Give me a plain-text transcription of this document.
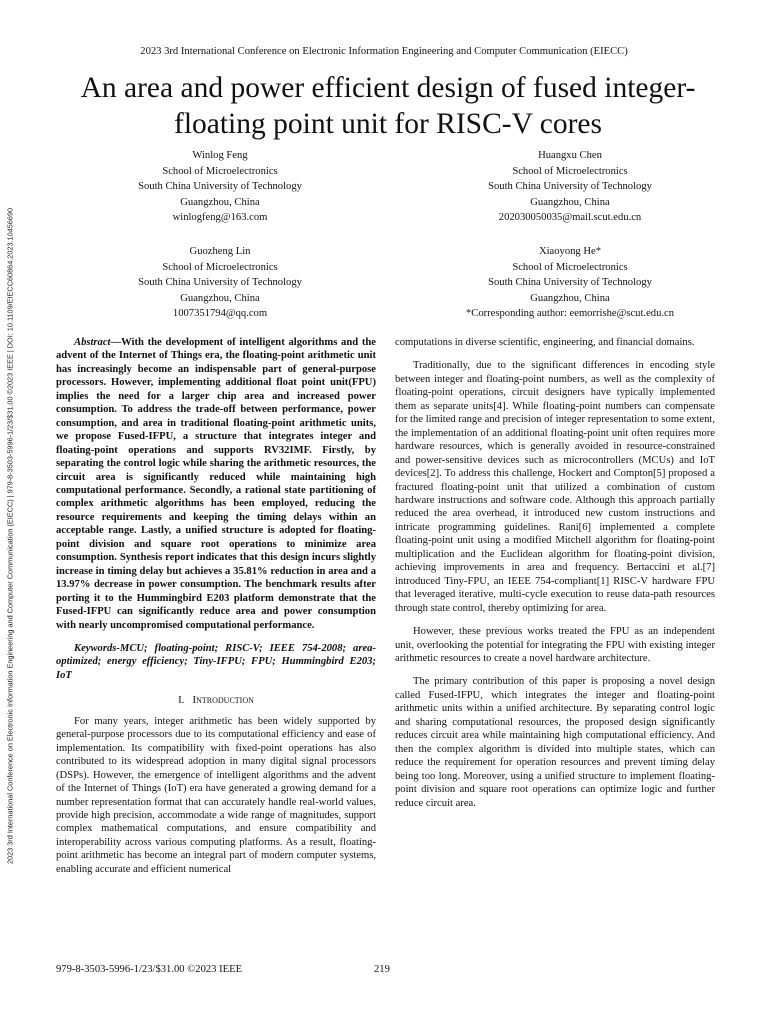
2023 3rd International Conference on Electronic Information Engineering and Computer Communication (EIECC)
2023 3rd International Conference on Electronic Information Engineering and Computer Communication (EIECC) | 979-8-3503-5996-1/23/$31.00 ©2023 IEEE | DOI: 10.1109/EIECC60864.2023.10456690
An area and power efficient design of fused integer-
floating point unit for RISC-V cores
Winlog Feng
School of Microelectronics
South China University of Technology
Guangzhou, China
winlogfeng@163.com
Huangxu Chen
School of Microelectronics
South China University of Technology
Guangzhou, China
202030050035@mail.scut.edu.cn
Guozheng Lin
School of Microelectronics
South China University of Technology
Guangzhou, China
1007351794@qq.com
Xiaoyong He*
School of Microelectronics
South China University of Technology
Guangzhou, China
*Corresponding author: eemorrishe@scut.edu.cn

Abstract—With the development of intelligent algorithms and the advent of the Internet of Things era, the floating-point arithmetic unit has increasingly become an indispensable part of general-purpose processors. However, implementing additional float point unit(FPU) implies the need for a larger chip area and increased power consumption. To address the trade-off between performance, power consumption, and area in traditional floating-point arithmetic units, we propose Fused-IFPU, a structure that integrates integer and floating-point operations and supports RV32IMF. Firstly, by separating the control logic while sharing the arithmetic resources, the circuit area is significantly reduced while maintaining high computational performance. Secondly, a rational state partitioning of complex arithmetic algorithms has been employed, reducing the resource requirements and keeping the timing delays within an acceptable range. Lastly, a unified structure is adopted for floating-point division and square root operations to minimize area consumption. Synthesis report indicates that this design incurs slightly increase in timing delay but achieves a 35.81% reduction in area and a 13.97% decrease in power consumption. The benchmark results after porting it to the Hummingbird E203 platform demonstrate that the Fused-IFPU can significantly reduce area and power consumption with nearly uncompromised computational performance.

Keywords-MCU; floating-point; RISC-V; IEEE 754-2008; area-optimized; energy efficiency; Tiny-IFPU; FPU; Hummingbird E203; IoT

I. Introduction

For many years, integer arithmetic has been widely supported by general-purpose processors due to its computational efficiency and ease of implementation. Its compatibility with fixed-point operations has also contributed to its widespread adoption in many digital signal processors (DSPs). However, the emergence of intelligent algorithms and the advent of the Internet of Things (IoT) era have generated a growing demand for a number representation format that can accurately handle real-world values, provide high precision, accommodate a wide range of magnitudes, support complex mathematical computations, and ensure compatibility and interoperability across various computing platforms. As a result, floating-point arithmetic has become an integral part of modern computer systems, enabling accurate and efficient numerical

computations in diverse scientific, engineering, and financial domains.

Traditionally, due to the significant differences in encoding style between integer and floating-point numbers, as well as the complexity of floating-point operations, circuit designers have typically implemented them as separate units[4]. While floating-point numbers can compensate for the limited range and precision of integer representation to some extent, the implementation of an additional floating-point unit often requires more hardware resources, which is generally avoided in resource-constrained and power-sensitive devices such as microcontrollers (MCUs) and IoT devices[2]. To address this challenge, Hockert and Compton[5] proposed a fractured floating-point unit that utilized a combination of custom hardware instructions and software code. Although this approach partially reduced the area overhead, it introduced new custom instructions and intricate programming guidelines. Rani[6] implemented a complete floating-point unit using a modified Mitchell algorithm for floating-point multiplication and the Euclidean algorithm for floating-point division, achieving improvements in area and frequency. Bertaccini et al.[7] introduced Tiny-FPU, an IEEE 754-compliant[1] RISC-V hardware FPU that leveraged iterative, multi-cycle execution to reuse data-path resources through state control, thereby optimizing for area.

However, these previous works treated the FPU as an independent unit, overlooking the potential for integrating the FPU with existing integer arithmetic resources to create a novel hardware architecture.

The primary contribution of this paper is proposing a novel design called Fused-IFPU, which integrates the integer and floating-point arithmetic units within a unified architecture. By separating control logic and sharing computational resources, the proposed design significantly reduces circuit area while maintaining high computational efficiency. And then the complex algorithm is divided into multiple states, which can reduce the requirement for operation resources and prevent timing delay being too long. Moreover, using a unified structure to implement floating-point division and square root operations can optimize logic and further reduce circuit area.

979-8-3503-5996-1/23/$31.00 ©2023 IEEE	219
